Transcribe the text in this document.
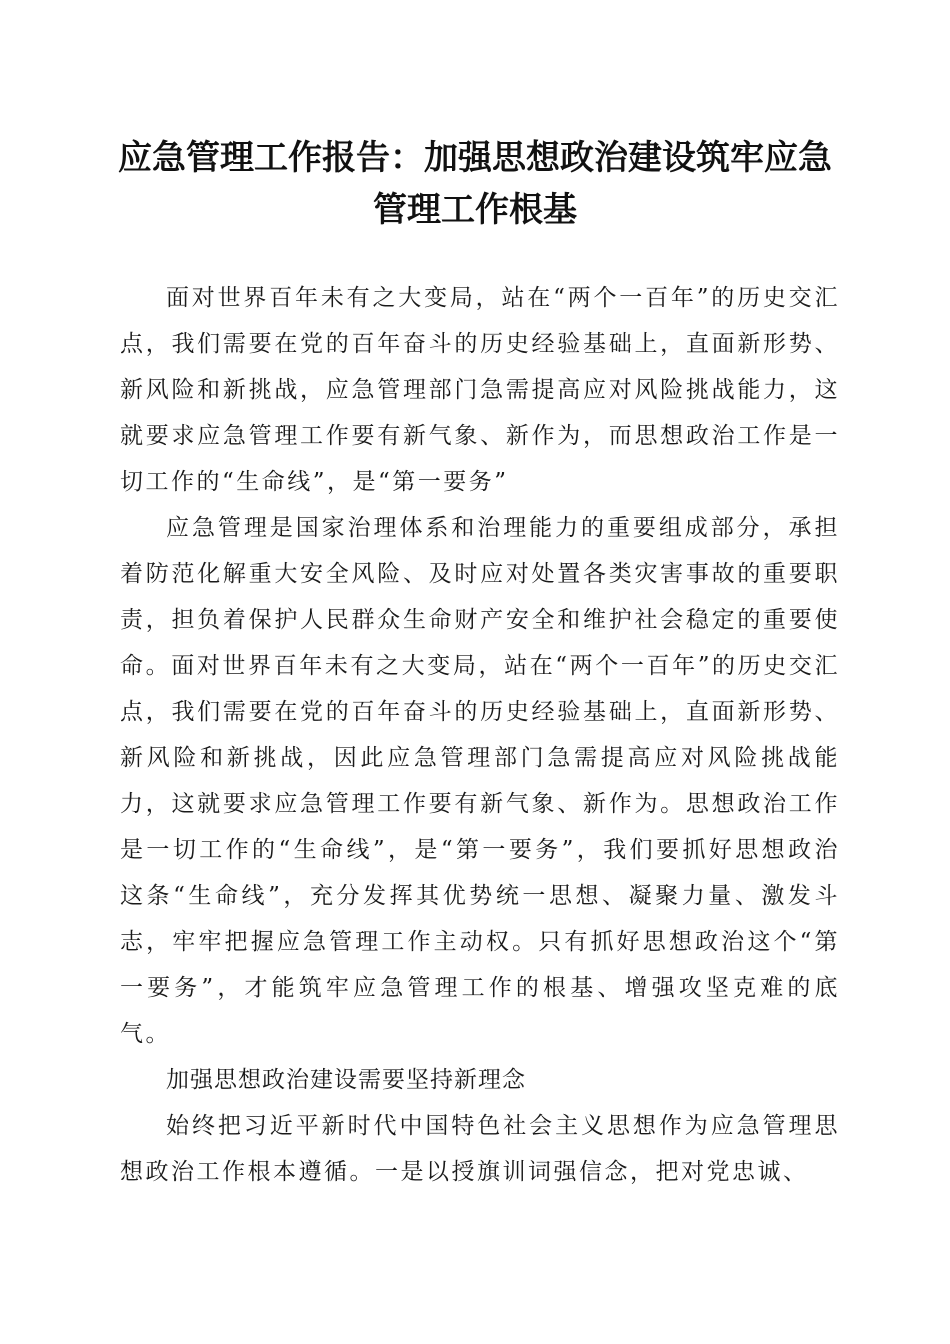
应急管理工作报告：加强思想政治建设筑牢应急管理工作根基

面对世界百年未有之大变局，站在“两个一百年”的历史交汇点，我们需要在党的百年奋斗的历史经验基础上，直面新形势、新风险和新挑战，应急管理部门急需提高应对风险挑战能力，这就要求应急管理工作要有新气象、新作为，而思想政治工作是一切工作的“生命线”，是“第一要务”

应急管理是国家治理体系和治理能力的重要组成部分，承担着防范化解重大安全风险、及时应对处置各类灾害事故的重要职责，担负着保护人民群众生命财产安全和维护社会稳定的重要使命。面对世界百年未有之大变局，站在“两个一百年”的历史交汇点，我们需要在党的百年奋斗的历史经验基础上，直面新形势、新风险和新挑战，因此应急管理部门急需提高应对风险挑战能力，这就要求应急管理工作要有新气象、新作为。思想政治工作是一切工作的“生命线”，是“第一要务”，我们要抓好思想政治这条“生命线”，充分发挥其优势统一思想、凝聚力量、激发斗志，牢牢把握应急管理工作主动权。只有抓好思想政治这个“第一要务”，才能筑牢应急管理工作的根基、增强攻坚克难的底气。

加强思想政治建设需要坚持新理念

始终把习近平新时代中国特色社会主义思想作为应急管理思想政治工作根本遵循。一是以授旗训词强信念，把对党忠诚、
